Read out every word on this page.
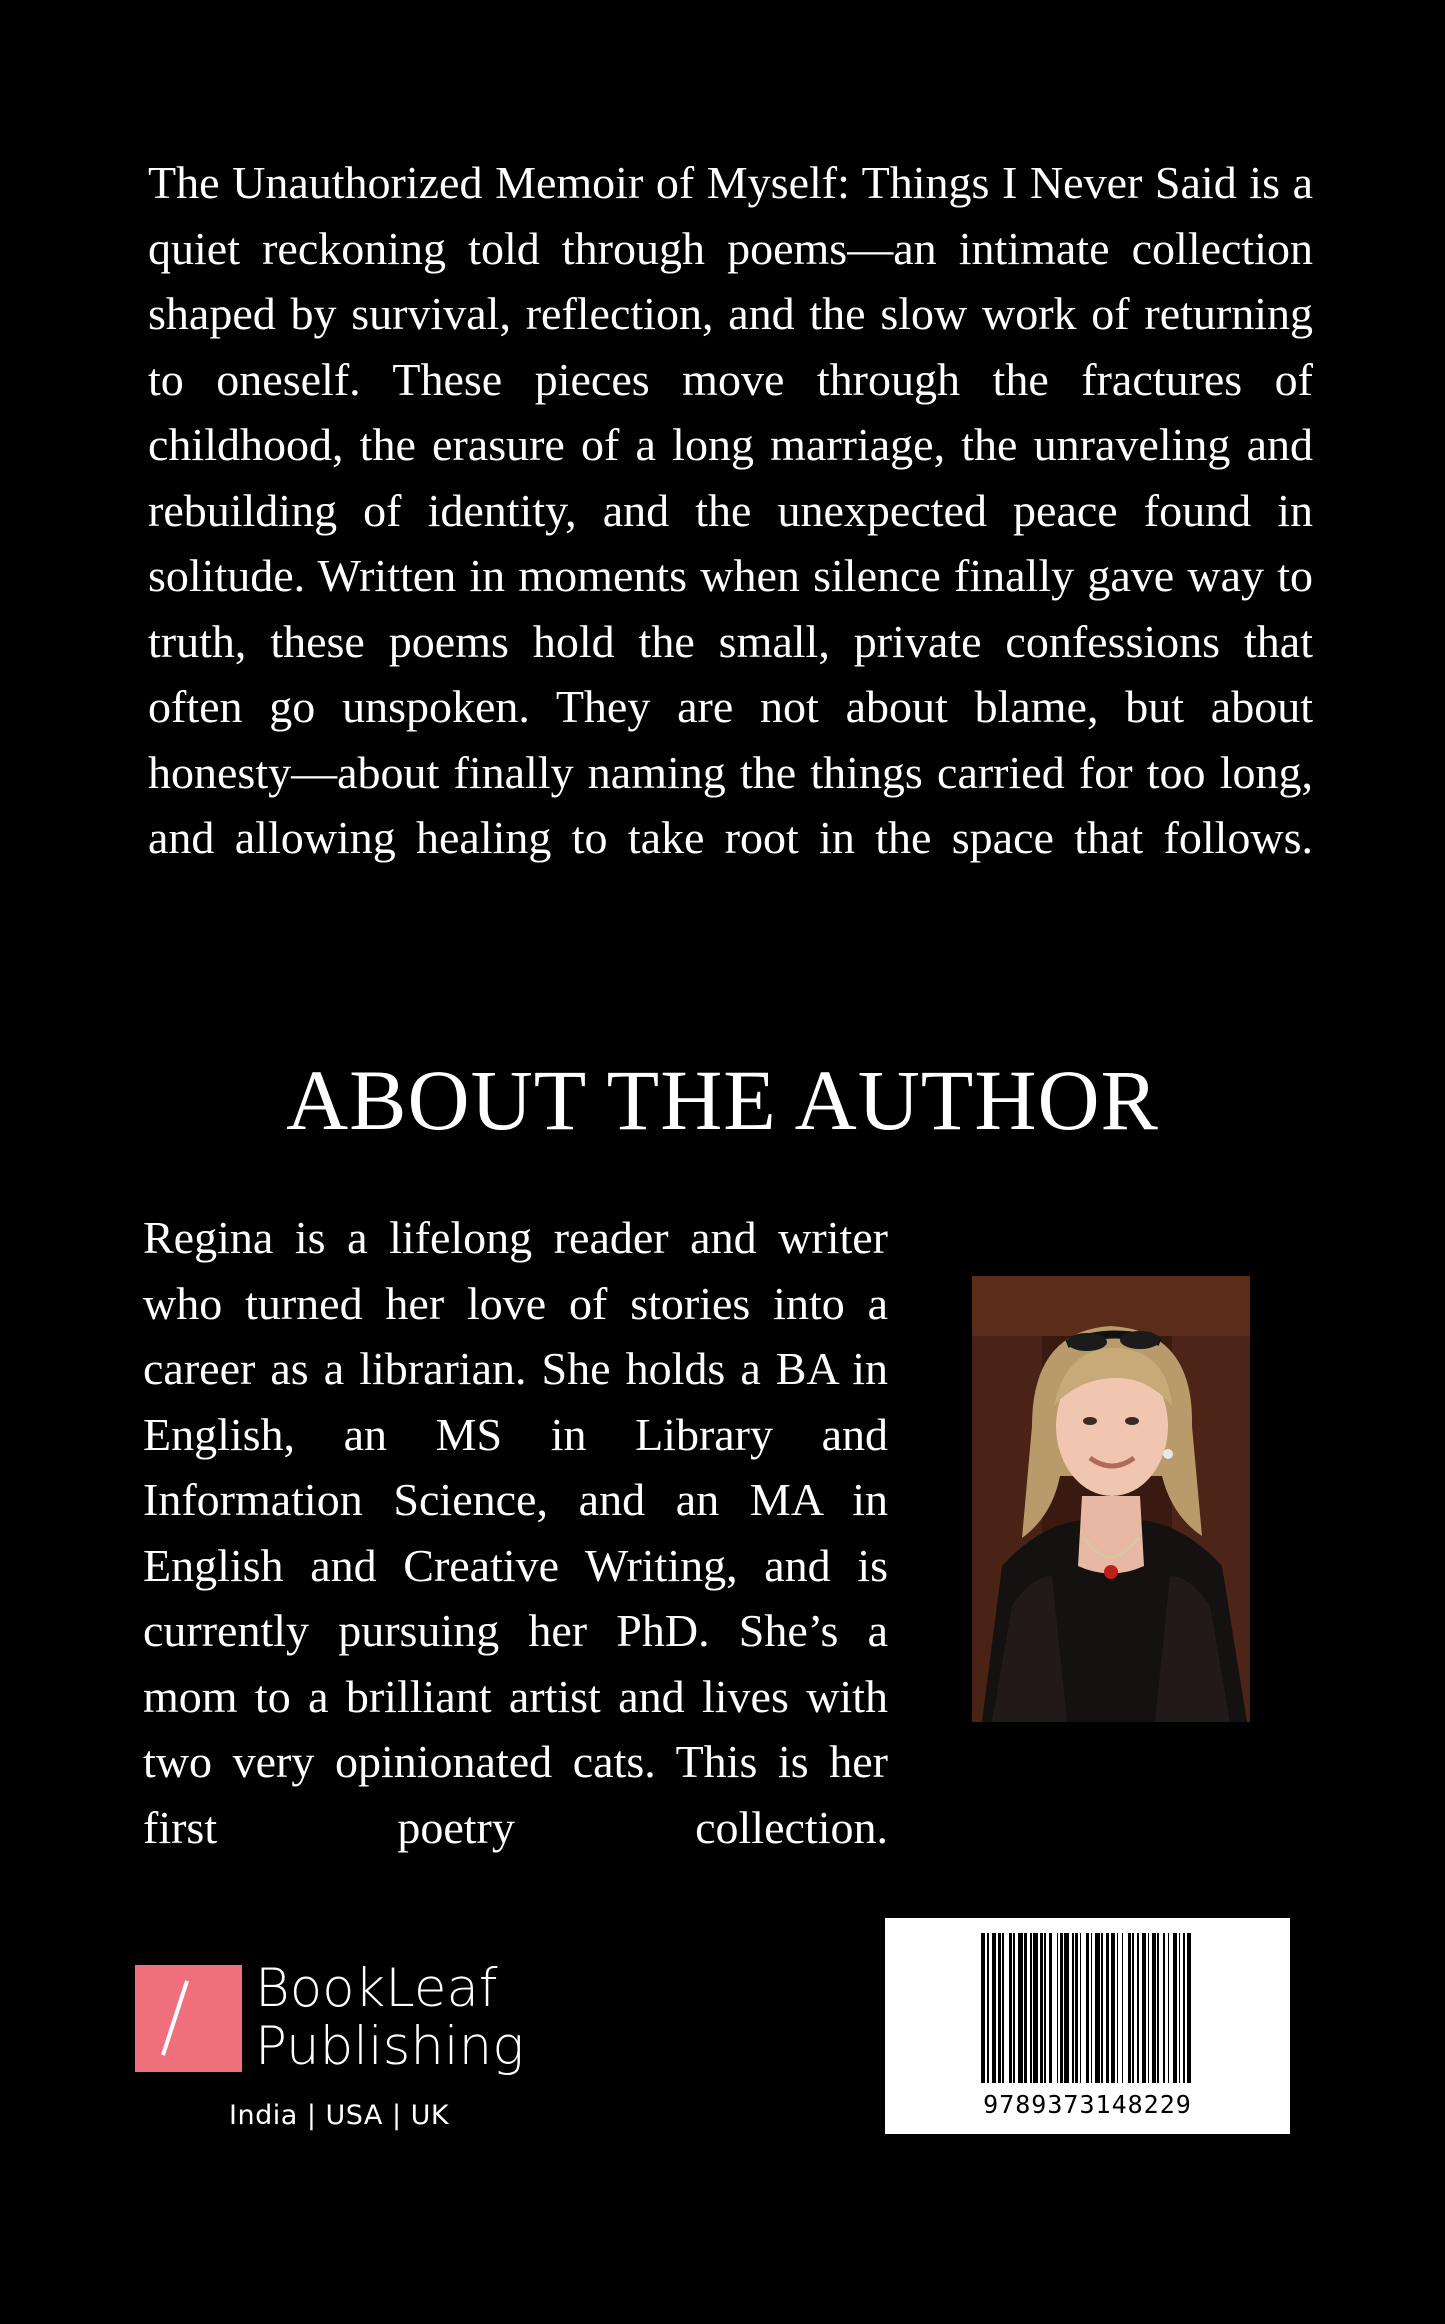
The Unauthorized Memoir of Myself: Things I Never Said is a quiet reckoning told through poems—an intimate collection shaped by survival, reflection, and the slow work of returning to oneself. These pieces move through the fractures of childhood, the erasure of a long marriage, the unraveling and rebuilding of identity, and the unexpected peace found in solitude. Written in moments when silence finally gave way to truth, these poems hold the small, private confessions that often go unspoken. They are not about blame, but about honesty—about finally naming the things carried for too long, and allowing healing to take root in the space that follows.

ABOUT THE AUTHOR

Regina is a lifelong reader and writer who turned her love of stories into a career as a librarian. She holds a BA in English, an MS in Library and Information Science, and an MA in English and Creative Writing, and is currently pursuing her PhD. She’s a mom to a brilliant artist and lives with two very opinionated cats. This is her first poetry collection.

BookLeaf
Publishing

India | USA | UK	9789373148229
